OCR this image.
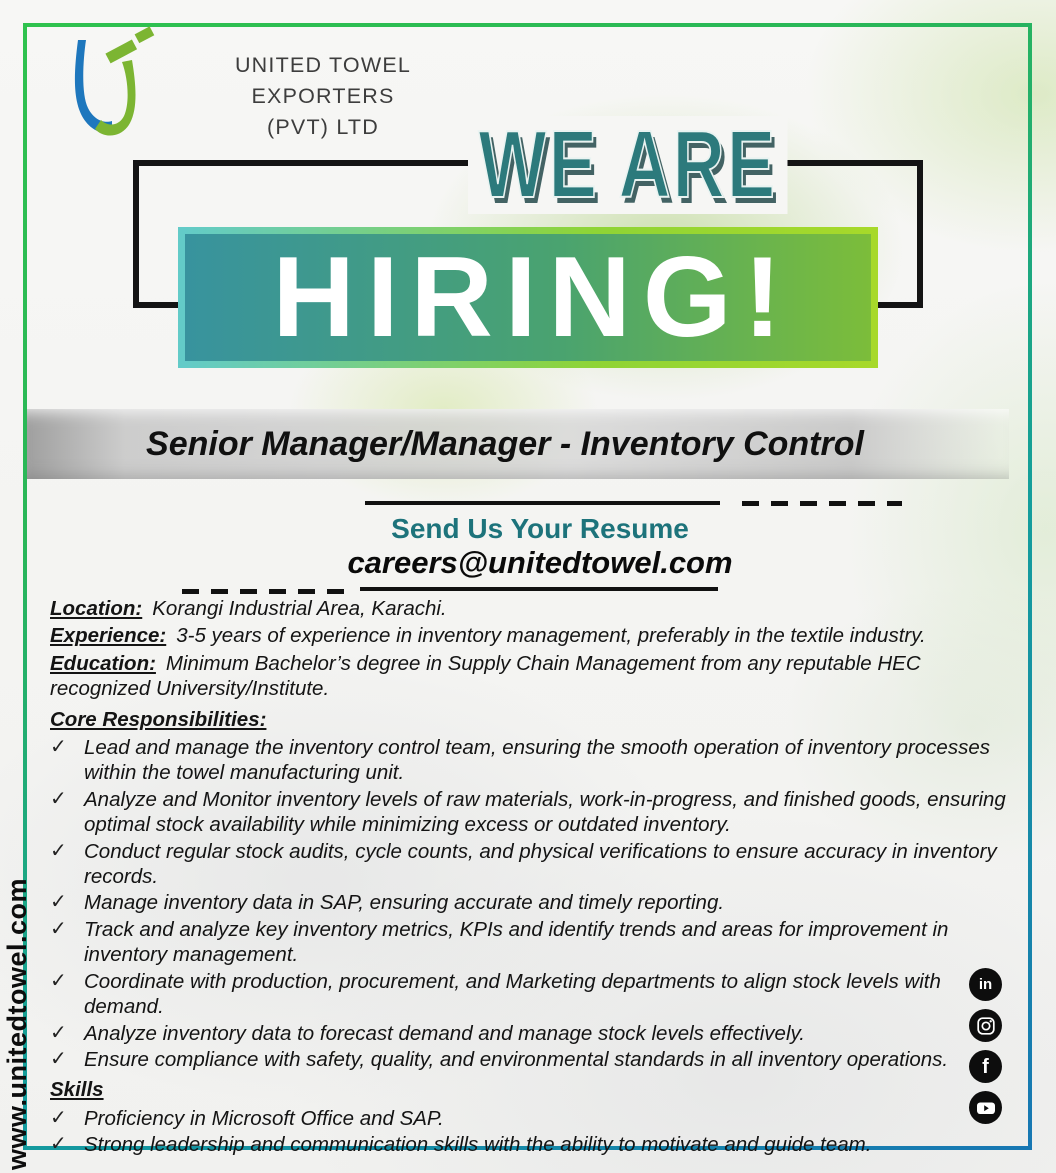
UNITED TOWEL EXPORTERS
(PVT) LTD	WE ARE
HIRING!
Senior Manager/Manager - Inventory Control
Send Us Your Resume
careers@unitedtowel.com
Location: Korangi Industrial Area, Karachi.
Experience: 3-5 years of experience in inventory management, preferably in the textile industry.
Education: Minimum Bachelor’s degree in Supply Chain Management from any reputable HEC recognized University/Institute.
Core Responsibilities:
✓ Lead and manage the inventory control team, ensuring the smooth operation of inventory processes within the towel manufacturing unit.
✓ Analyze and Monitor inventory levels of raw materials, work-in-progress, and finished goods, ensuring optimal stock availability while minimizing excess or outdated inventory.
✓ Conduct regular stock audits, cycle counts, and physical verifications to ensure accuracy in inventory records.
✓ Manage inventory data in SAP, ensuring accurate and timely reporting.
✓ Track and analyze key inventory metrics, KPIs and identify trends and areas for improvement in inventory management.
✓ Coordinate with production, procurement, and Marketing departments to align stock levels with demand.
✓ Analyze inventory data to forecast demand and manage stock levels effectively.
✓ Ensure compliance with safety, quality, and environmental standards in all inventory operations.
Skills
✓ Proficiency in Microsoft Office and SAP.
✓ Strong leadership and communication skills with the ability to motivate and guide team.
www.unitedtowel.com	in
f
